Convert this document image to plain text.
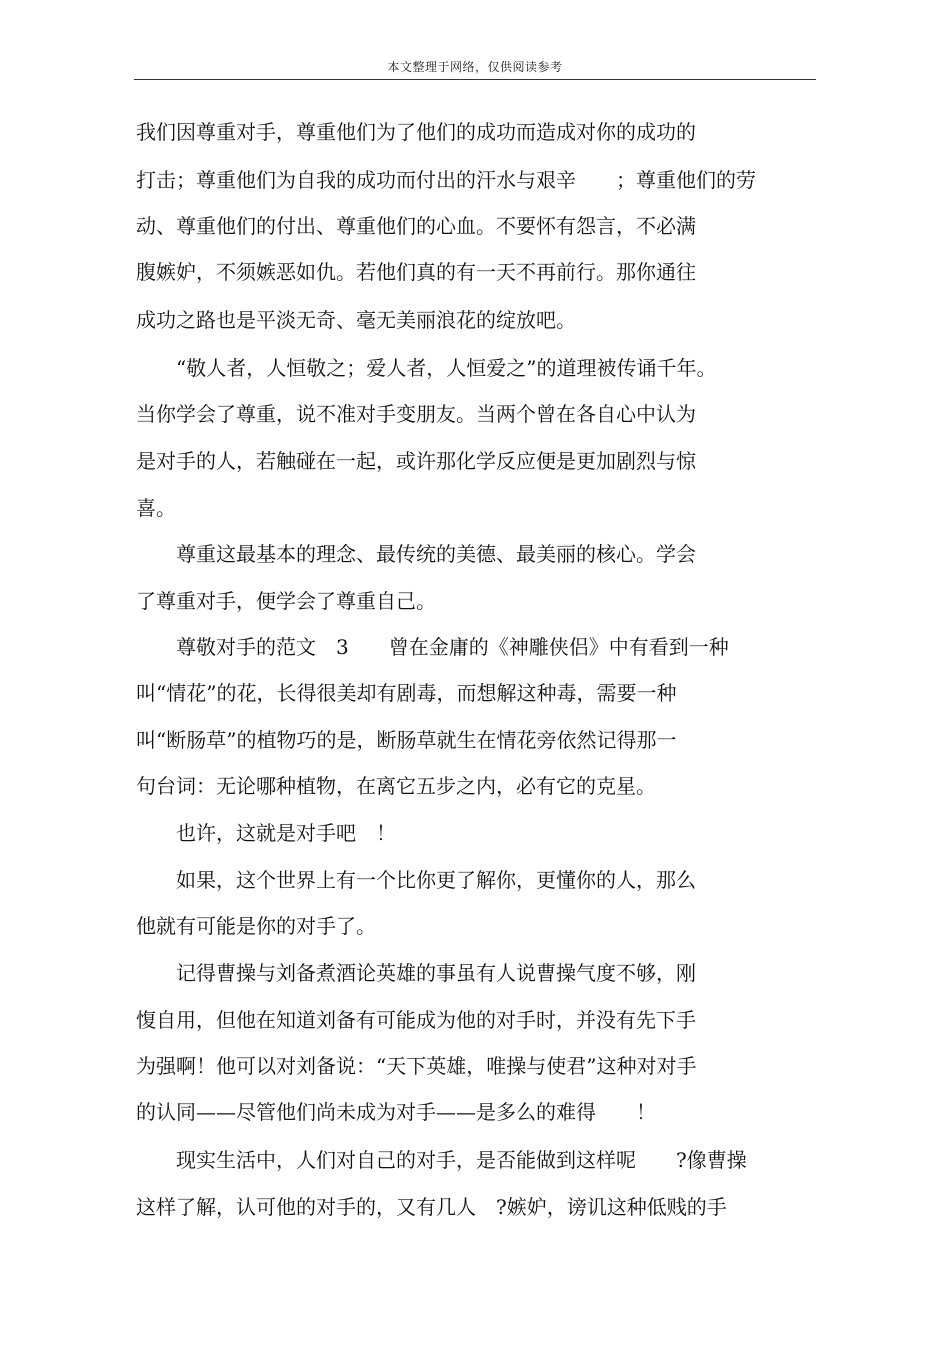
本文整理于网络，仅供阅读参考
我们因尊重对手，尊重他们为了他们的成功而造成对你的成功的
打击；尊重他们为自我的成功而付出的汗水与艰辛　　；尊重他们的劳
动、尊重他们的付出、尊重他们的心血。不要怀有怨言，不必满
腹嫉妒，不须嫉恶如仇。若他们真的有一天不再前行。那你通往
成功之路也是平淡无奇、毫无美丽浪花的绽放吧。
　　“敬人者，人恒敬之；爱人者，人恒爱之”的道理被传诵千年。
当你学会了尊重，说不准对手变朋友。当两个曾在各自心中认为
是对手的人，若触碰在一起，或许那化学反应便是更加剧烈与惊
喜。
　　尊重这最基本的理念、最传统的美德、最美丽的核心。学会
了尊重对手，便学会了尊重自己。
　　尊敬对手的范文　3　　曾在金庸的《神雕侠侣》中有看到一种
叫“情花”的花，长得很美却有剧毒，而想解这种毒，需要一种
叫“断肠草”的植物巧的是，断肠草就生在情花旁依然记得那一
句台词：无论哪种植物，在离它五步之内，必有它的克星。
　　也许，这就是对手吧　！
　　如果，这个世界上有一个比你更了解你，更懂你的人，那么
他就有可能是你的对手了。
　　记得曹操与刘备煮酒论英雄的事虽有人说曹操气度不够，刚
愎自用，但他在知道刘备有可能成为他的对手时，并没有先下手
为强啊！他可以对刘备说：“天下英雄，唯操与使君”这种对对手
的认同——尽管他们尚未成为对手——是多么的难得　　！
　　现实生活中，人们对自己的对手，是否能做到这样呢　　?像曹操
这样了解，认可他的对手的，又有几人　?嫉妒，谤讥这种低贱的手
